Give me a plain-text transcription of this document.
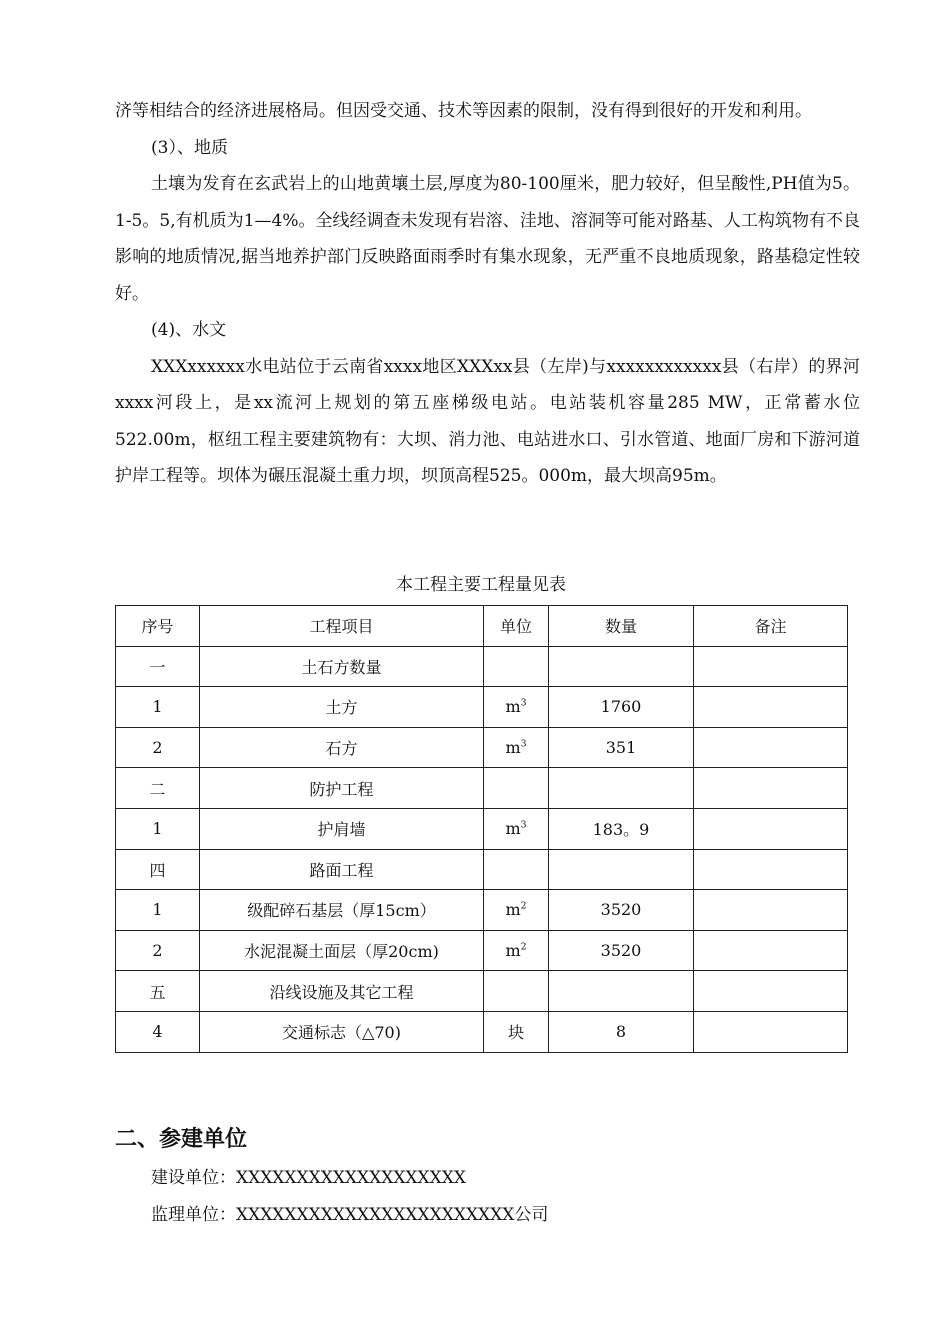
济等相结合的经济进展格局。但因受交通、技术等因素的限制，没有得到很好的开发和利用。

(3）、地质

土壤为发育在玄武岩上的山地黄壤土层,厚度为80-100厘米，肥力较好，但呈酸性,PH值为5。1-5。5,有机质为1—4%。全线经调查未发现有岩溶、洼地、溶洞等可能对路基、人工构筑物有不良影响的地质情况,据当地养护部门反映路面雨季时有集水现象，无严重不良地质现象，路基稳定性较好。

(4)、水文

XXXxxxxxx水电站位于云南省xxxx地区XXXxx县（左岸)与xxxxxxxxxxxx县（右岸）的界河xxxx河段上，是xx流河上规划的第五座梯级电站。电站装机容量285 MW，正常蓄水位522.00m，枢纽工程主要建筑物有：大坝、消力池、电站进水口、引水管道、地面厂房和下游河道护岸工程等。坝体为碾压混凝土重力坝，坝顶高程525。000m，最大坝高95m。

本工程主要工程量见表
序号	工程项目	单位	数量	备注
一	土石方数量			
1	土方	$m^3$	1760	
2	石方	$m^3$	351	
二	防护工程			
1	护肩墙	$m^3$	183。9	
四	路面工程			
1	级配碎石基层（厚15cm）	$m^2$	3520	
2	水泥混凝土面层（厚20cm)	$m^2$	3520	
五	沿线设施及其它工程			
4	交通标志（△70)	块	8	
二、参建单位

建设单位：XXXXXXXXXXXXXXXXXXX

监理单位：XXXXXXXXXXXXXXXXXXXXXXX公司
